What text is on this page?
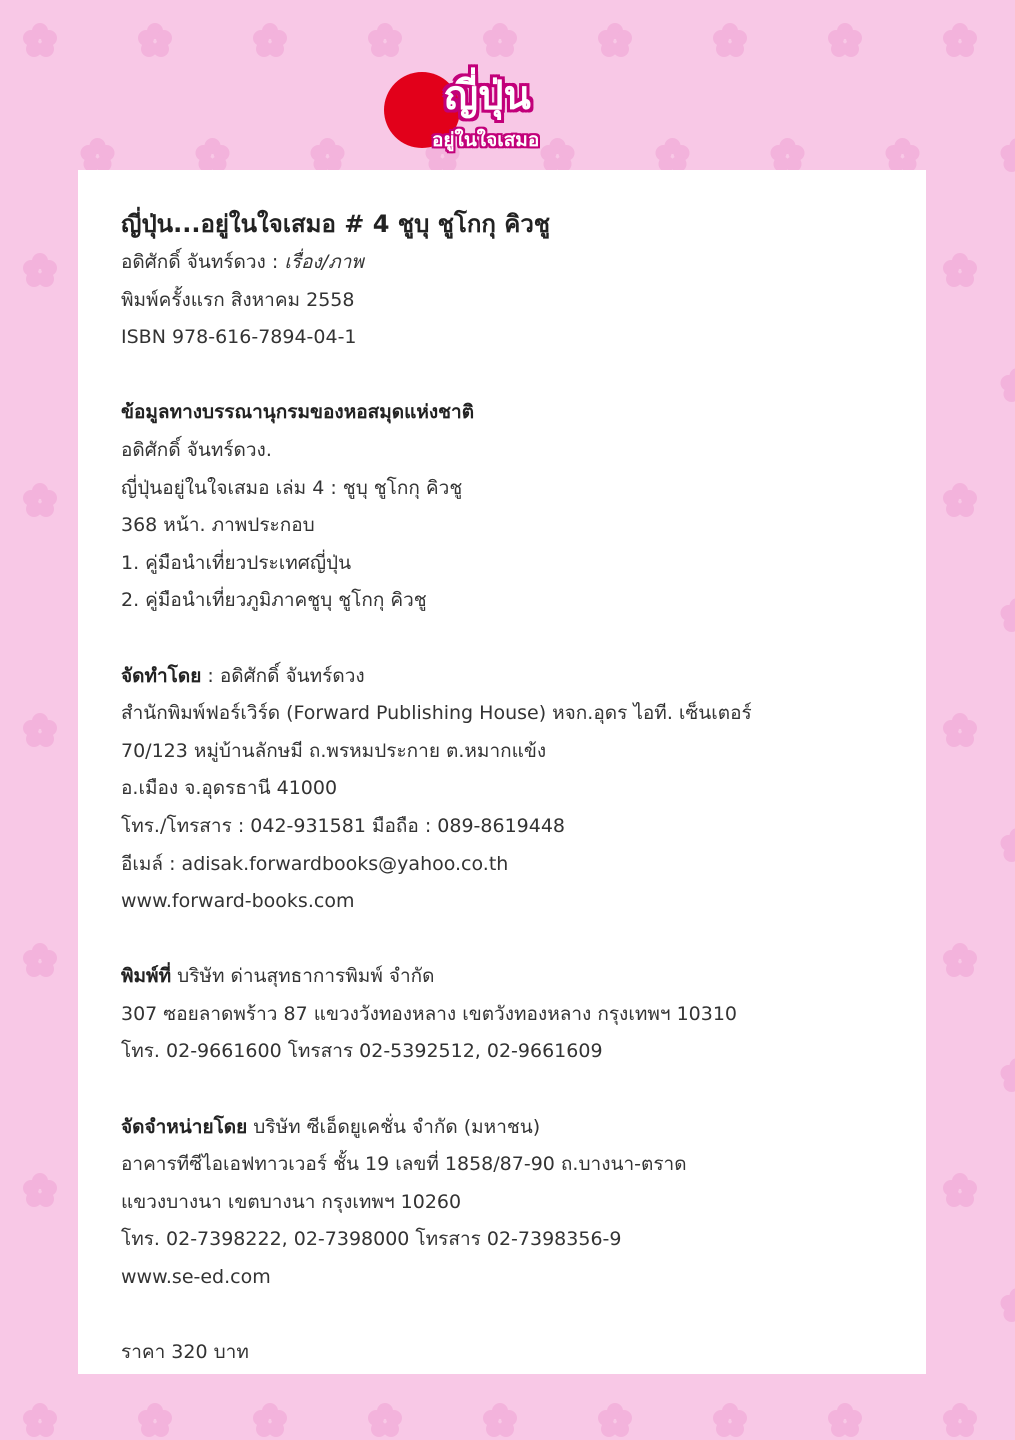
ญี่ปุ่น
อยู่ในใจเสมอ

ญี่ปุ่น...อยู่ในใจเสมอ # 4 ชูบุ ชูโกกุ คิวชู

อดิศักดิ์ จันทร์ดวง : เรื่อง/ภาพ

พิมพ์ครั้งแรก สิงหาคม 2558

ISBN 978-616-7894-04-1

ข้อมูลทางบรรณานุกรมของหอสมุดแห่งชาติ

อดิศักดิ์ จันทร์ดวง.

ญี่ปุ่นอยู่ในใจเสมอ เล่ม 4 : ชูบุ ชูโกกุ คิวชู

368 หน้า. ภาพประกอบ

1. คู่มือนำเที่ยวประเทศญี่ปุ่น

2. คู่มือนำเที่ยวภูมิภาคชูบุ ชูโกกุ คิวชู

จัดทำโดย : อดิศักดิ์ จันทร์ดวง

สำนักพิมพ์ฟอร์เวิร์ด (Forward Publishing House) หจก.อุดร ไอที. เซ็นเตอร์

70/123 หมู่บ้านลักษมี ถ.พรหมประกาย ต.หมากแข้ง

อ.เมือง จ.อุดรธานี 41000

โทร./โทรสาร : 042-931581 มือถือ : 089-8619448

อีเมล์ : adisak.forwardbooks@yahoo.co.th

www.forward-books.com

พิมพ์ที่ บริษัท ด่านสุทธาการพิมพ์ จำกัด

307 ซอยลาดพร้าว 87 แขวงวังทองหลาง เขตวังทองหลาง กรุงเทพฯ 10310

โทร. 02-9661600 โทรสาร 02-5392512, 02-9661609

จัดจำหน่ายโดย บริษัท ซีเอ็ดยูเคชั่น จำกัด (มหาชน)

อาคารทีซีไอเอฟทาวเวอร์ ชั้น 19 เลขที่ 1858/87-90 ถ.บางนา-ตราด

แขวงบางนา เขตบางนา กรุงเทพฯ 10260

โทร. 02-7398222, 02-7398000 โทรสาร 02-7398356-9

www.se-ed.com

ราคา 320 บาท
